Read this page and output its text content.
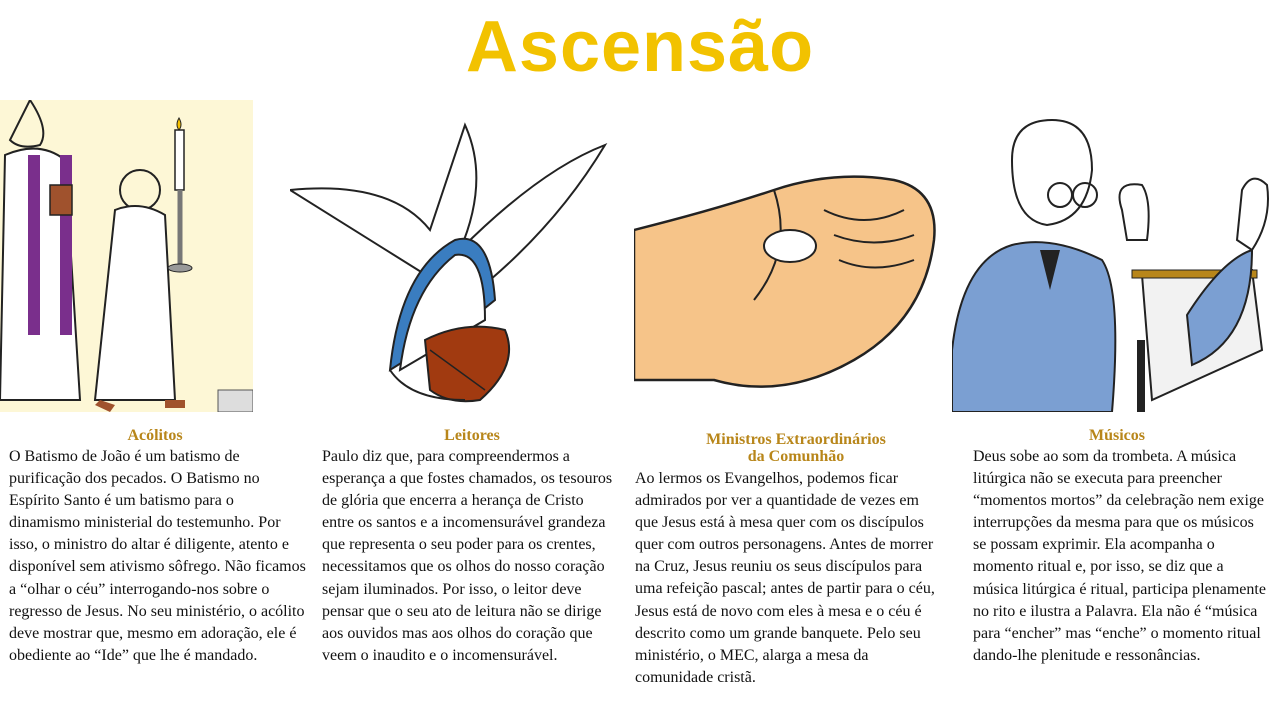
Ascensão
Acólitos
O Batismo de João é um batismo de purificação dos pecados. O Batismo no Espírito Santo é um batismo para o dinamismo ministerial do testemunho. Por isso, o ministro do altar é diligente, atento e disponível sem ativismo sôfrego. Não ficamos a “olhar o céu” interrogando-nos sobre o regresso de Jesus. No seu ministério, o acólito deve mostrar que, mesmo em adoração, ele é obediente ao “Ide” que lhe é mandado.
Leitores
Paulo diz que, para compreendermos a esperança a que fostes chamados, os tesouros de glória que encerra a herança de Cristo entre os santos e a incomensurável grandeza que representa o seu poder para os crentes, necessitamos que os olhos do nosso coração sejam iluminados. Por isso, o leitor deve pensar que o seu ato de leitura não se dirige aos ouvidos mas aos olhos do coração que veem o inaudito e o incomensurável.
Ministros Extraordinários
da Comunhão
Ao lermos os Evangelhos, podemos ficar admirados por ver a quantidade de vezes em que Jesus está à mesa quer com os discípulos quer com outros personagens. Antes de morrer na Cruz, Jesus reuniu os seus discípulos para uma refeição pascal; antes de partir para o céu, Jesus está de novo com eles à mesa e o céu é descrito como um grande banquete. Pelo seu ministério, o MEC, alarga a mesa da comunidade cristã.
Músicos
Deus sobe ao som da trombeta. A música litúrgica não se executa para preencher “momentos mortos” da celebração nem exige interrupções da mesma para que os músicos se possam exprimir. Ela acompanha o momento ritual e, por isso, se diz que a música litúrgica é ritual, participa plenamente no rito e ilustra a Palavra. Ela não é “música para “encher” mas “enche” o momento ritual dando-lhe plenitude e ressonâncias.
